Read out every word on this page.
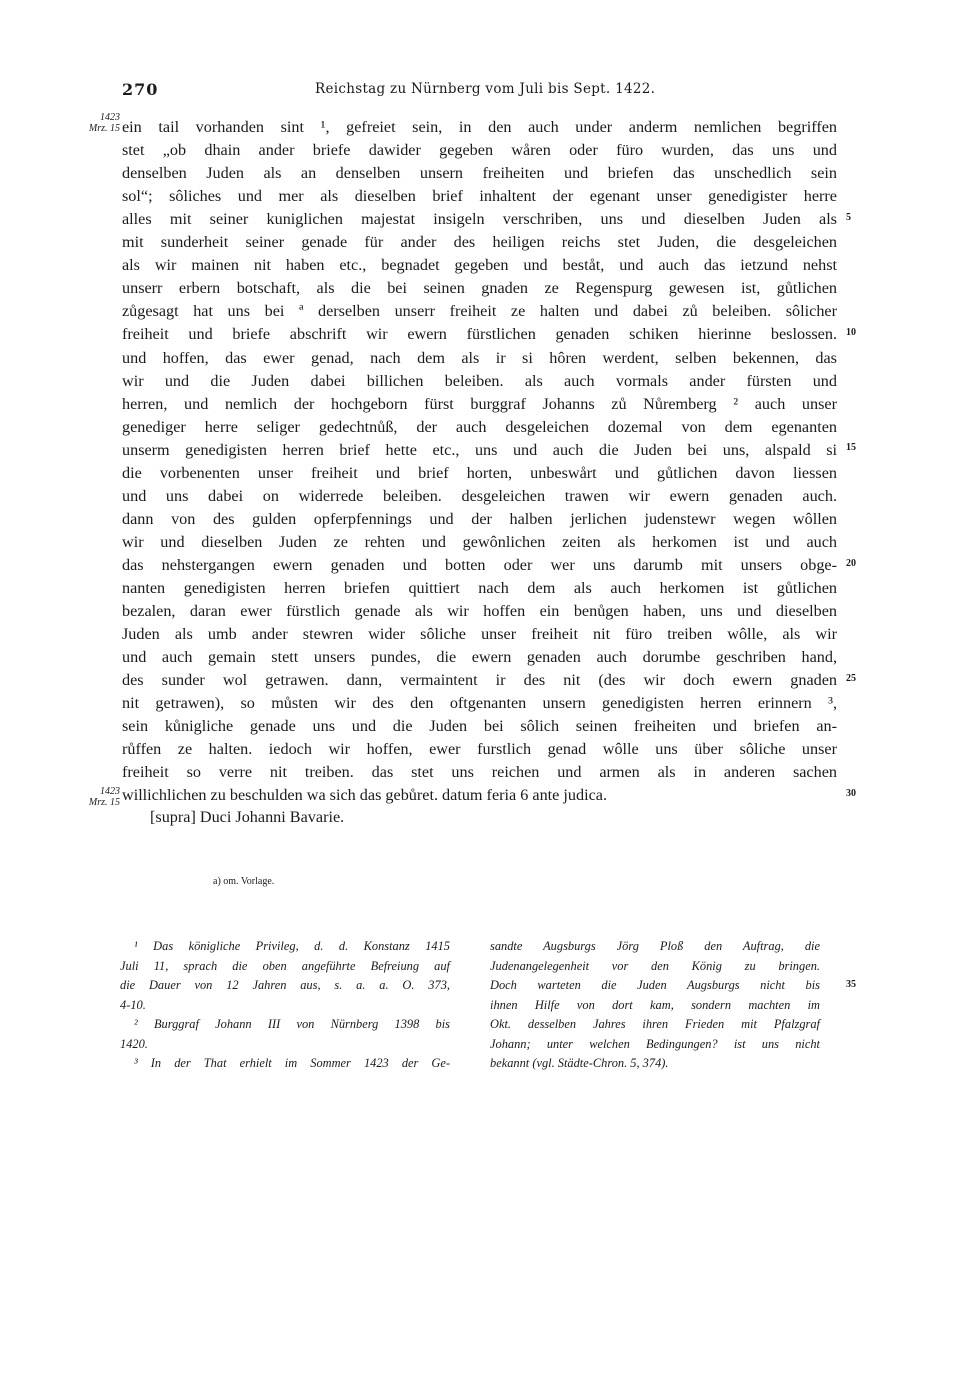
270	Reichstag zu Nürnberg vom Juli bis Sept. 1422.
1423
Mrz. 15
1423
Mrz. 15
5
10
15
20
25
30
35
ein tail vorhanden sint ¹, gefreiet sein, in den auch under anderm nemlichen begriffen
stet „ob dhain ander briefe dawider gegeben wåren oder füro wurden, das uns und
denselben Juden als an denselben unsern freiheiten und briefen das unschedlich sein
sol“; sôliches und mer als dieselben brief inhaltent der egenant unser genedigister herre
alles mit seiner kuniglichen majestat insigeln verschriben, uns und dieselben Juden als
mit sunderheit seiner genade für ander des heiligen reichs stet Juden, die desgeleichen
als wir mainen nit haben etc., begnadet gegeben und beståt, und auch das ietzund nehst
unserr erbern botschaft, als die bei seinen gnaden ze Regenspurg gewesen ist, gůtlichen
zůgesagt hat uns bei ª derselben unserr freiheit ze halten und dabei zů beleiben. sôlicher
freiheit und briefe abschrift wir ewern fürstlichen genaden schiken hierinne beslossen.
und hoffen, das ewer genad, nach dem als ir si hôren werdent, selben bekennen, das
wir und die Juden dabei billichen beleiben. als auch vormals ander fürsten und
herren, und nemlich der hochgeborn fürst burggraf Johanns zů Nůremberg ² auch unser
genediger herre seliger gedechtnůß, der auch desgeleichen dozemal von dem egenanten
unserm genedigisten herren brief hette etc., uns und auch die Juden bei uns, alspald si
die vorbenenten unser freiheit und brief horten, unbeswårt und gůtlichen davon liessen
und uns dabei on widerrede beleiben. desgeleichen trawen wir ewern genaden auch.
dann von des gulden opferpfennings und der halben jerlichen judenstewr wegen wôllen
wir und dieselben Juden ze rehten und gewônlichen zeiten als herkomen ist und auch
das nehstergangen ewern genaden und botten oder wer uns darumb mit unsers obge-
nanten genedigisten herren briefen quittiert nach dem als auch herkomen ist gůtlichen
bezalen, daran ewer fürstlich genade als wir hoffen ein benůgen haben, uns und dieselben
Juden als umb ander stewren wider sôliche unser freiheit nit füro treiben wôlle, als wir
und auch gemain stett unsers pundes, die ewern genaden auch dorumbe geschriben hand,
des sunder wol getrawen. dann, vermaintent ir des nit (des wir doch ewern gnaden
nit getrawen), so můsten wir des den oftgenanten unsern genedigisten herren erinnern ³,
sein kůnigliche genade uns und die Juden bei sôlich seinen freiheiten und briefen an-
růffen ze halten. iedoch wir hoffen, ewer furstlich genad wôlle uns über sôliche unser
freiheit so verre nit treiben. das stet uns reichen und armen als in anderen sachen
willichlichen zu beschulden wa sich das gebůret. datum feria 6 ante judica.
[supra] Duci Johanni Bavarie.
a) om. Vorlage.
¹ Das königliche Privileg, d. d. Konstanz 1415
Juli 11, sprach die oben angeführte Befreiung auf
die Dauer von 12 Jahren aus, s. a. a. O. 373,
4-10.
² Burggraf Johann III von Nürnberg 1398 bis
1420.
³ In der That erhielt im Sommer 1423 der Ge-
sandte Augsburgs Jörg Ploß den Auftrag, die
Judenangelegenheit vor den König zu bringen.
Doch warteten die Juden Augsburgs nicht bis
ihnen Hilfe von dort kam, sondern machten im
Okt. desselben Jahres ihren Frieden mit Pfalzgraf
Johann; unter welchen Bedingungen? ist uns nicht
bekannt (vgl. Städte-Chron. 5, 374).
